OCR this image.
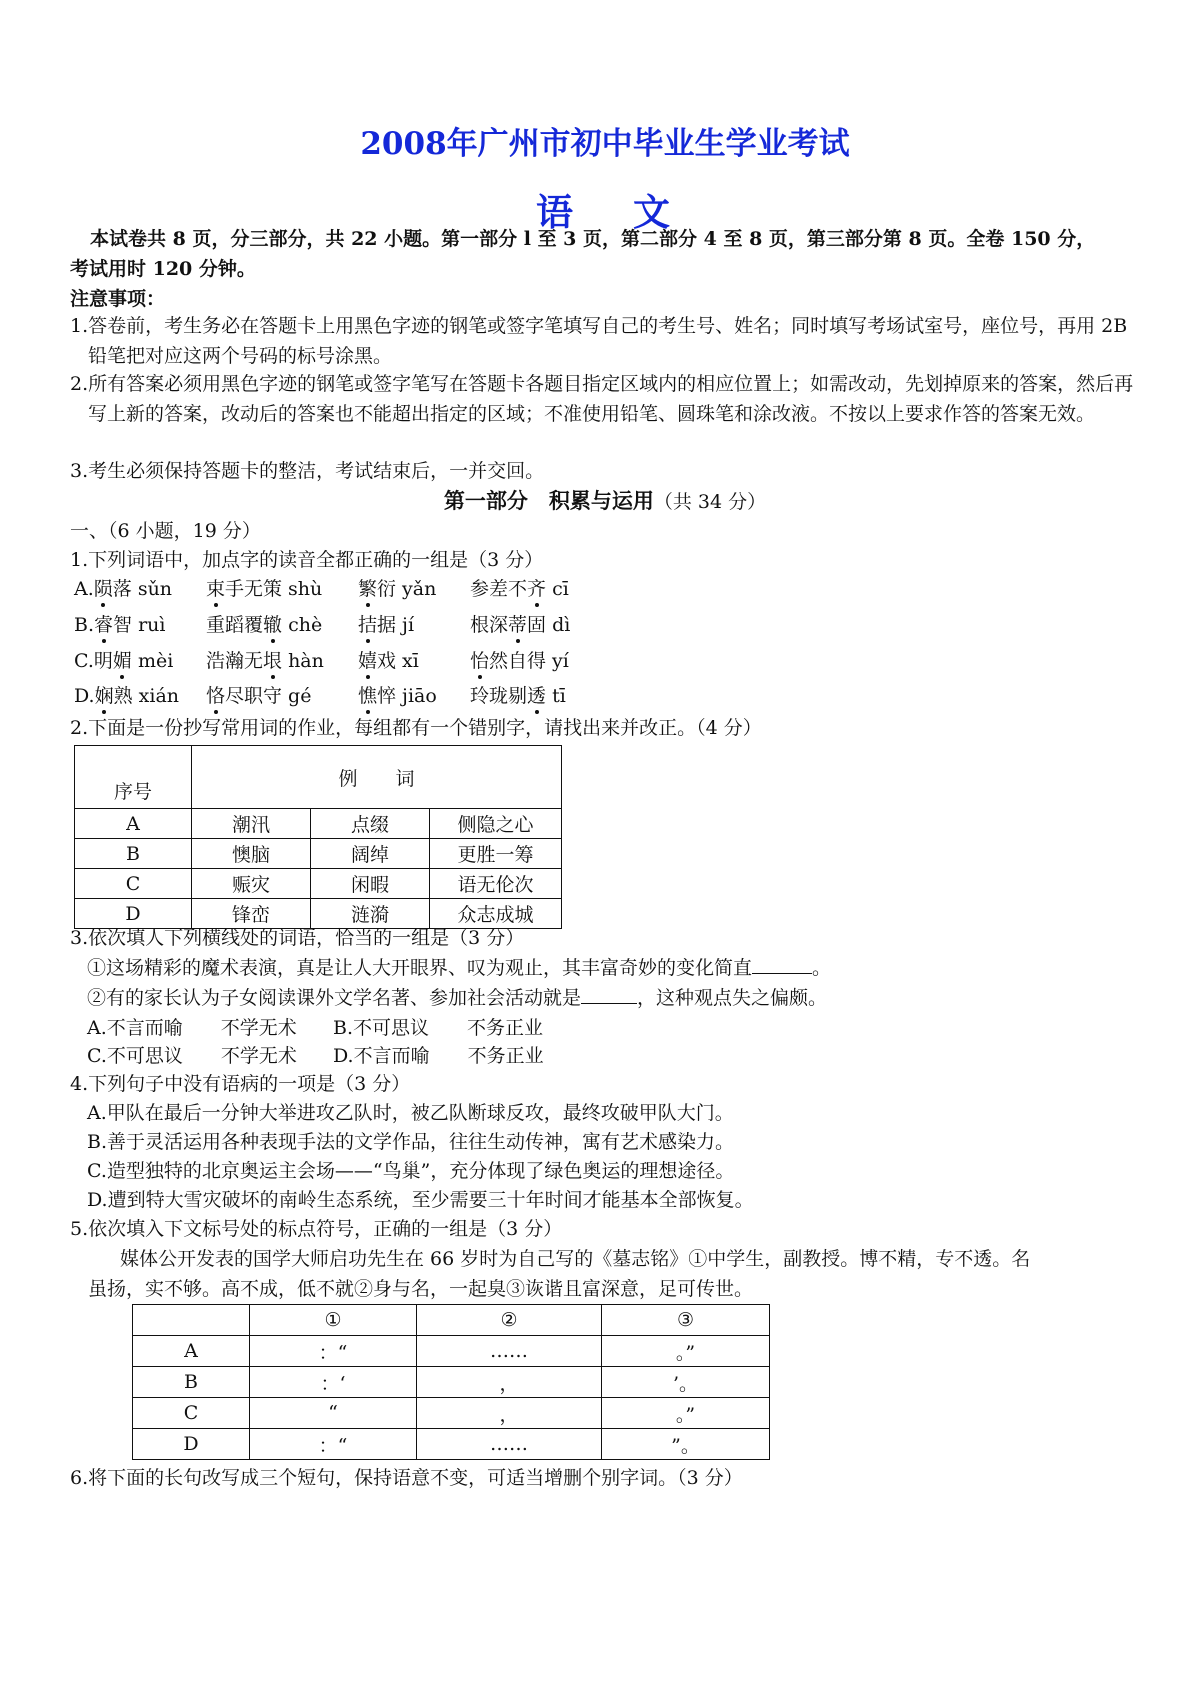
2008年广州市初中毕业生学业考试
语 文
本试卷共 8 页，分三部分，共 22 小题。第一部分 l 至 3 页，第二部分 4 至 8 页，第三部分第 8 页。全卷 150 分，
考试用时 120 分钟。
注意事项：
1.答卷前，考生务必在答题卡上用黑色字迹的钢笔或签字笔填写自己的考生号、姓名；同时填写考场试室号，座位号，再用 2B 铅笔把对应这两个号码的标号涂黑。
2.所有答案必须用黑色字迹的钢笔或签字笔写在答题卡各题目指定区域内的相应位置上；如需改动，先划掉原来的答案，然后再写上新的答案，改动后的答案也不能超出指定的区域；不准使用铅笔、圆珠笔和涂改液。不按以上要求作答的答案无效。
3.考生必须保持答题卡的整洁，考试结束后，一并交回。
第一部分　积累与运用（共 34 分）
一、（6 小题，19 分）
1.下列词语中，加点字的读音全都正确的一组是（3 分）
A.陨落 sǔn 束手无策 shù 繁衍 yǎn 参差不齐 cī
B.睿智 ruì 重蹈覆辙 chè 拮据 jí	根深蒂固 dì
C.明媚 mèi 浩瀚无垠 hàn 嬉戏 xī	怡然自得 yí
D.娴熟 xián 恪尽职守 gé 憔悴 jiāo 玲珑剔透 tī
2.下面是一份抄写常用词的作业，每组都有一个错别字，请找出来并改正。（4 分）
序号	例　　词		
A	潮汛	点缀	侧隐之心
B	懊脑	阔绰	更胜一筹
C	赈灾	闲暇	语无伦次
D	锋峦	涟漪	众志成城
3.依次填人下列横线处的词语，恰当的一组是（3 分）
①这场精彩的魔术表演，真是让人大开眼界、叹为观止，其丰富奇妙的变化简直	。
②有的家长认为子女阅读课外文学名著、参加社会活动就是	，这种观点失之偏颇。
A.不言而喻　　不学无术 B.不可思议　　不务正业
C.不可思议　　不学无术 D.不言而喻　　不务正业
4.下列句子中没有语病的一项是（3 分）
A.甲队在最后一分钟大举进攻乙队时，被乙队断球反攻，最终攻破甲队大门。
B.善于灵活运用各种表现手法的文学作品，往往生动传神，寓有艺术感染力。
C.造型独特的北京奥运主会场——“鸟巢”，充分体现了绿色奥运的理想途径。
D.遭到特大雪灾破坏的南岭生态系统，至少需要三十年时间才能基本全部恢复。
5.依次填入下文标号处的标点符号，正确的一组是（3 分）
媒体公开发表的国学大师启功先生在 66 岁时为自己写的《墓志铭》①中学生，副教授。博不精，专不透。名
虽扬，实不够。高不成，低不就②身与名，一起臭③诙谐且富深意，足可传世。
	①	②	③
A	：“	……	。”
B	：‘	，	’。
C	“	，	。”
D	：“	……	”。
6.将下面的长句改写成三个短句，保持语意不变，可适当增删个别字词。（3 分）
